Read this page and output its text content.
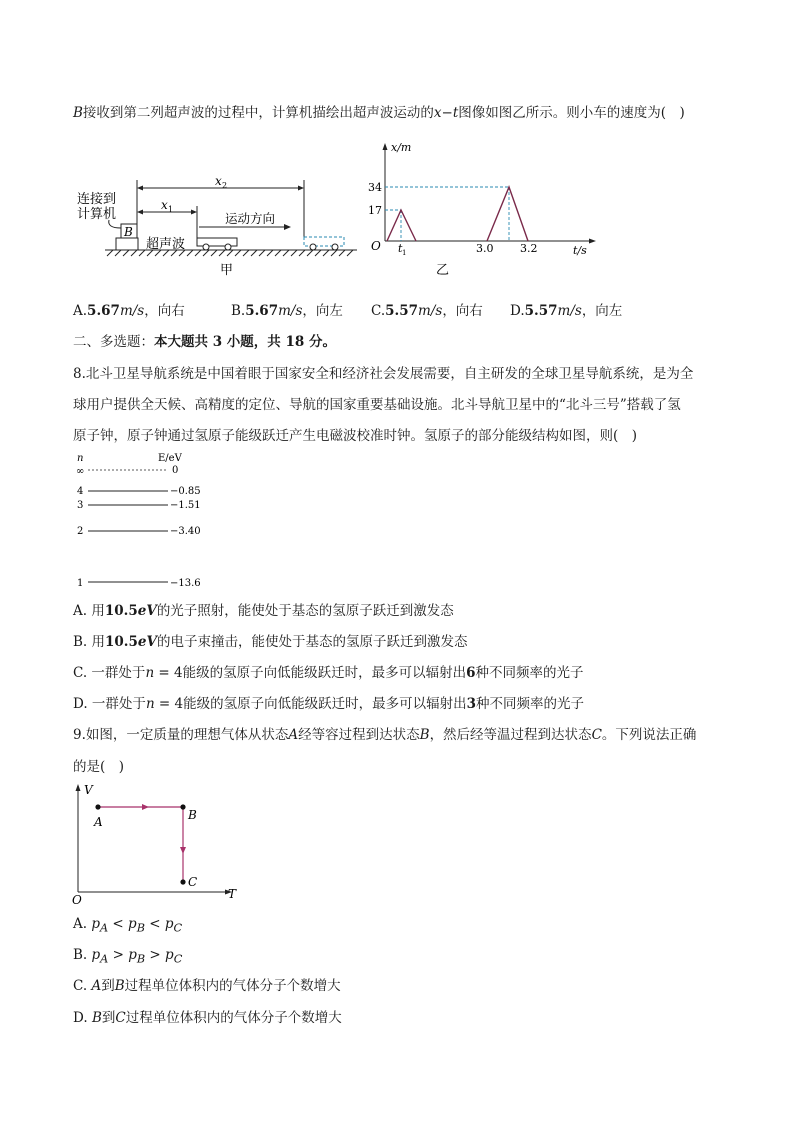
B接收到第二列超声波的过程中，计算机描绘出超声波运动的x−t图像如图乙所示。则小车的速度为(　)
连接到
计算机
B
超声波
x 1
x 2
运动方向
甲
x/m
t/s
O
34
17
t 1	3.0 3.2
乙
A.5.67m/s，向右	B.5.67m/s，向左 C.5.57m/s，向右 D.5.57m/s，向左
二、多选题：本大题共 3 小题，共 18 分。
8.北斗卫星导航系统是中国着眼于国家安全和经济社会发展需要，自主研发的全球卫星导航系统，是为全
球用户提供全天候、高精度的定位、导航的国家重要基础设施。北斗导航卫星中的“北斗三号”搭载了氢
原子钟，原子钟通过氢原子能级跃迁产生电磁波校准时钟。氢原子的部分能级结构如图，则(　)
n	E/eV
∞	0
4	−0.85
3	−1.51
2	−3.40
1	−13.6
A. 用10.5eV的光子照射，能使处于基态的氢原子跃迁到激发态
B. 用10.5eV的电子束撞击，能使处于基态的氢原子跃迁到激发态
C. 一群处于n = 4能级的氢原子向低能级跃迁时，最多可以辐射出6种不同频率的光子
D. 一群处于n = 4能级的氢原子向低能级跃迁时，最多可以辐射出3种不同频率的光子
9.如图，一定质量的理想气体从状态A经等容过程到达状态B，然后经等温过程到达状态C。下列说法正确
的是(　)
V
T
O
A	B
C
A. $p_A < p_B < p_C$
B. $p_A > p_B > p_C$
C. A到B过程单位体积内的气体分子个数增大
D. B到C过程单位体积内的气体分子个数增大
